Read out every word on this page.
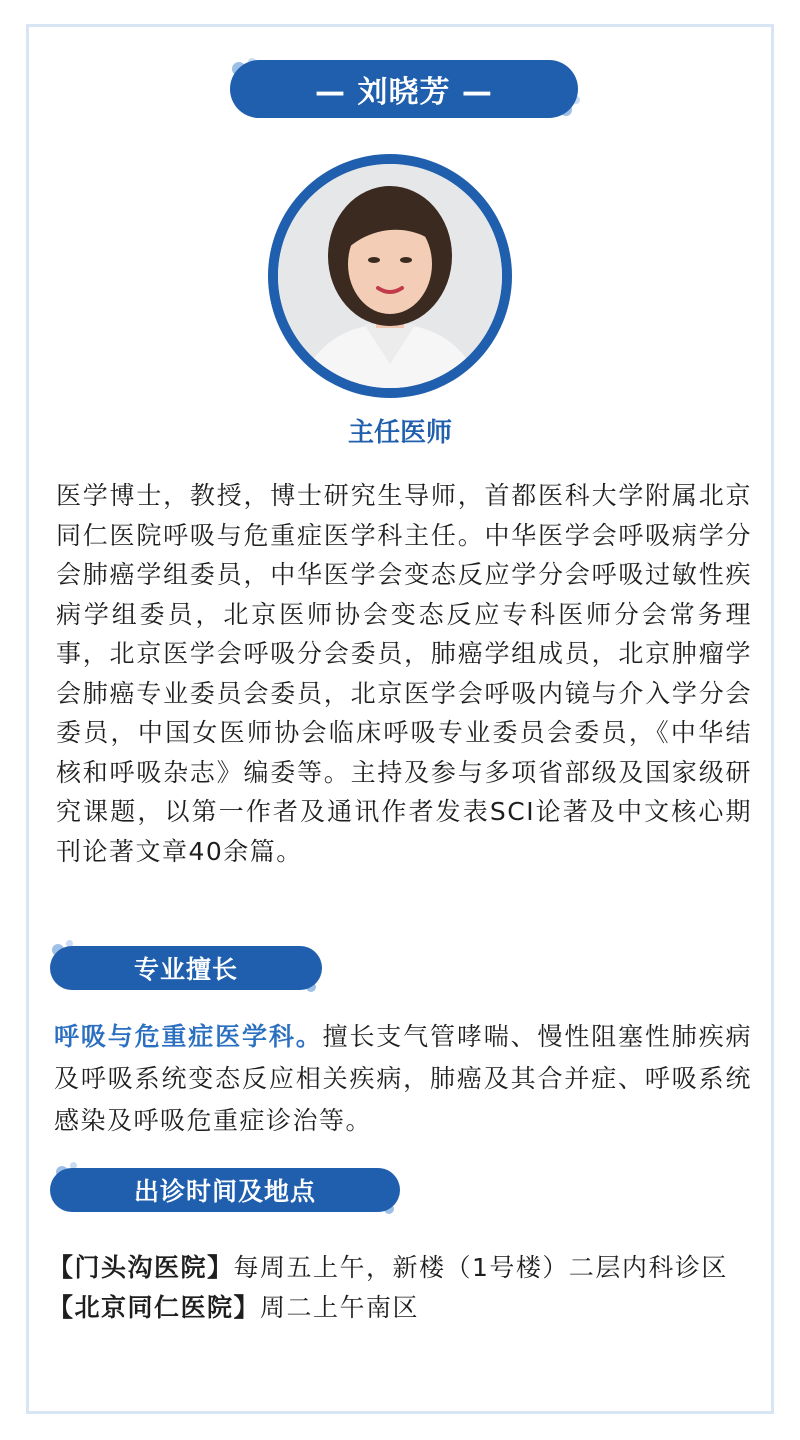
— 刘晓芳 —
主任医师

医学博士，教授，博士研究生导师，首都医科大学附属北京同仁医院呼吸与危重症医学科主任。中华医学会呼吸病学分会肺癌学组委员，中华医学会变态反应学分会呼吸过敏性疾病学组委员，北京医师协会变态反应专科医师分会常务理事，北京医学会呼吸分会委员，肺癌学组成员，北京肿瘤学会肺癌专业委员会委员，北京医学会呼吸内镜与介入学分会委员，中国女医师协会临床呼吸专业委员会委员，《中华结核和呼吸杂志》编委等。主持及参与多项省部级及国家级研究课题，以第一作者及通讯作者发表SCI论著及中文核心期刊论著文章40余篇。

专业擅长

呼吸与危重症医学科。擅长支气管哮喘、慢性阻塞性肺疾病及呼吸系统变态反应相关疾病，肺癌及其合并症、呼吸系统感染及呼吸危重症诊治等。

出诊时间及地点
【门头沟医院】每周五上午，新楼（1号楼）二层内科诊区
【北京同仁医院】周二上午南区
